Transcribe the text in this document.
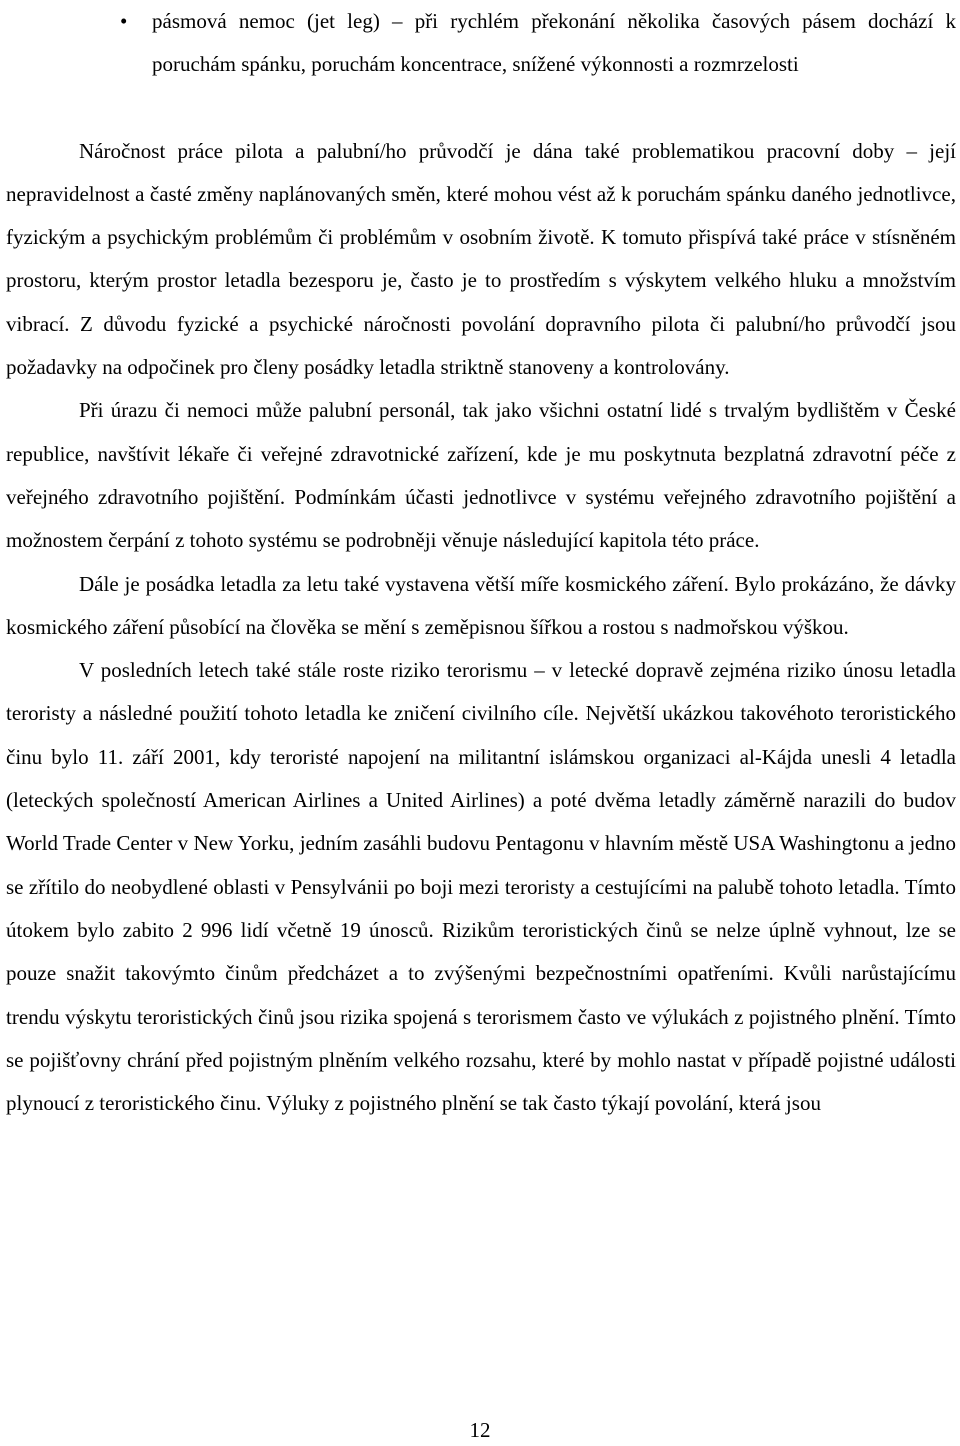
• pásmová nemoc (jet leg) – při rychlém překonání několika časových pásem dochází k poruchám spánku, poruchám koncentrace, snížené výkonnosti a rozmrzelosti

Náročnost práce pilota a palubní/ho průvodčí je dána také problematikou pracovní doby – její nepravidelnost a časté změny naplánovaných směn, které mohou vést až k poruchám spánku daného jednotlivce, fyzickým a psychickým problémům či problémům v osobním životě. K tomuto přispívá také práce v stísněném prostoru, kterým prostor letadla bezesporu je, často je to prostředím s výskytem velkého hluku a množstvím vibrací. Z důvodu fyzické a psychické náročnosti povolání dopravního pilota či palubní/ho průvodčí jsou požadavky na odpočinek pro členy posádky letadla striktně stanoveny a kontrolovány.

Při úrazu či nemoci může palubní personál, tak jako všichni ostatní lidé s trvalým bydlištěm v České republice, navštívit lékaře či veřejné zdravotnické zařízení, kde je mu poskytnuta bezplatná zdravotní péče z veřejného zdravotního pojištění. Podmínkám účasti jednotlivce v systému veřejného zdravotního pojištění a možnostem čerpání z tohoto systému se podrobněji věnuje následující kapitola této práce.

Dále je posádka letadla za letu také vystavena větší míře kosmického záření. Bylo prokázáno, že dávky kosmického záření působící na člověka se mění s zeměpisnou šířkou a rostou s nadmořskou výškou.

V posledních letech také stále roste riziko terorismu – v letecké dopravě zejména riziko únosu letadla teroristy a následné použití tohoto letadla ke zničení civilního cíle. Největší ukázkou takovéhoto teroristického činu bylo 11. září 2001, kdy teroristé napojení na militantní islámskou organizaci al-Kájda unesli 4 letadla (leteckých společností American Airlines a United Airlines) a poté dvěma letadly záměrně narazili do budov World Trade Center v New Yorku, jedním zasáhli budovu Pentagonu v hlavním městě USA Washingtonu a jedno se zřítilo do neobydlené oblasti v Pensylvánii po boji mezi teroristy a cestujícími na palubě tohoto letadla. Tímto útokem bylo zabito 2 996 lidí včetně 19 únosců. Rizikům teroristických činů se nelze úplně vyhnout, lze se pouze snažit takovýmto činům předcházet a to zvýšenými bezpečnostními opatřeními. Kvůli narůstajícímu trendu výskytu teroristických činů jsou rizika spojená s terorismem často ve výlukách z pojistného plnění. Tímto se pojišťovny chrání před pojistným plněním velkého rozsahu, které by mohlo nastat v případě pojistné události plynoucí z teroristického činu. Výluky z pojistného plnění se tak často týkají povolání, která jsou

12
